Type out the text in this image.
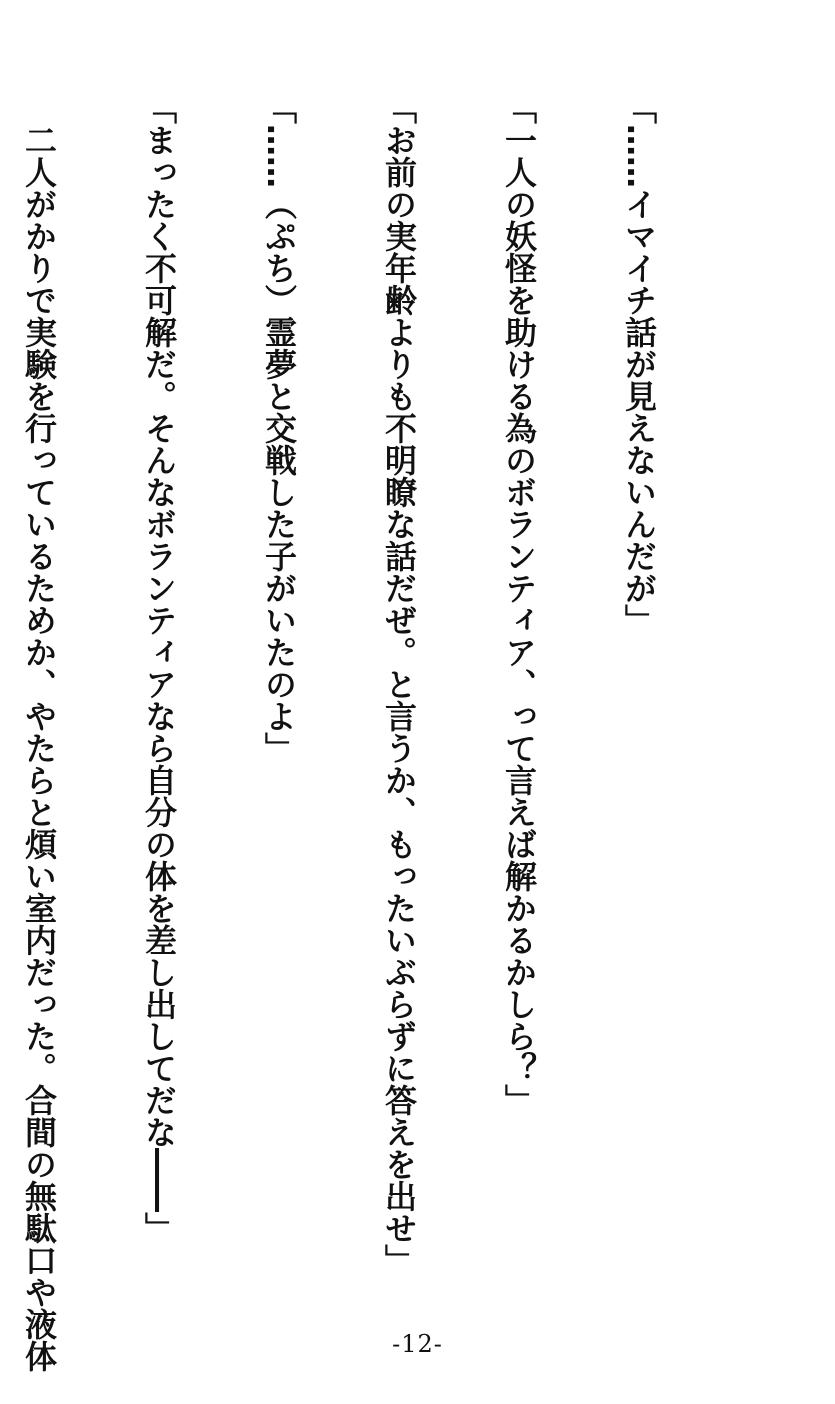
「……イマイチ話が見えないんだが」

「一人の妖怪を助ける為のボランティア、って言えば解かるかしら？」

「お前の実年齢よりも不明瞭な話だぜ。と言うか、もったいぶらずに答えを出せ」

「……（ぷち）霊夢と交戦した子がいたのよ」

「まったく不可解だ。そんなボランティアなら自分の体を差し出してだな――」

　二人がかりで実験を行っているためか、やたらと煩い室内だった。合間の無駄口や液体

	-12-
